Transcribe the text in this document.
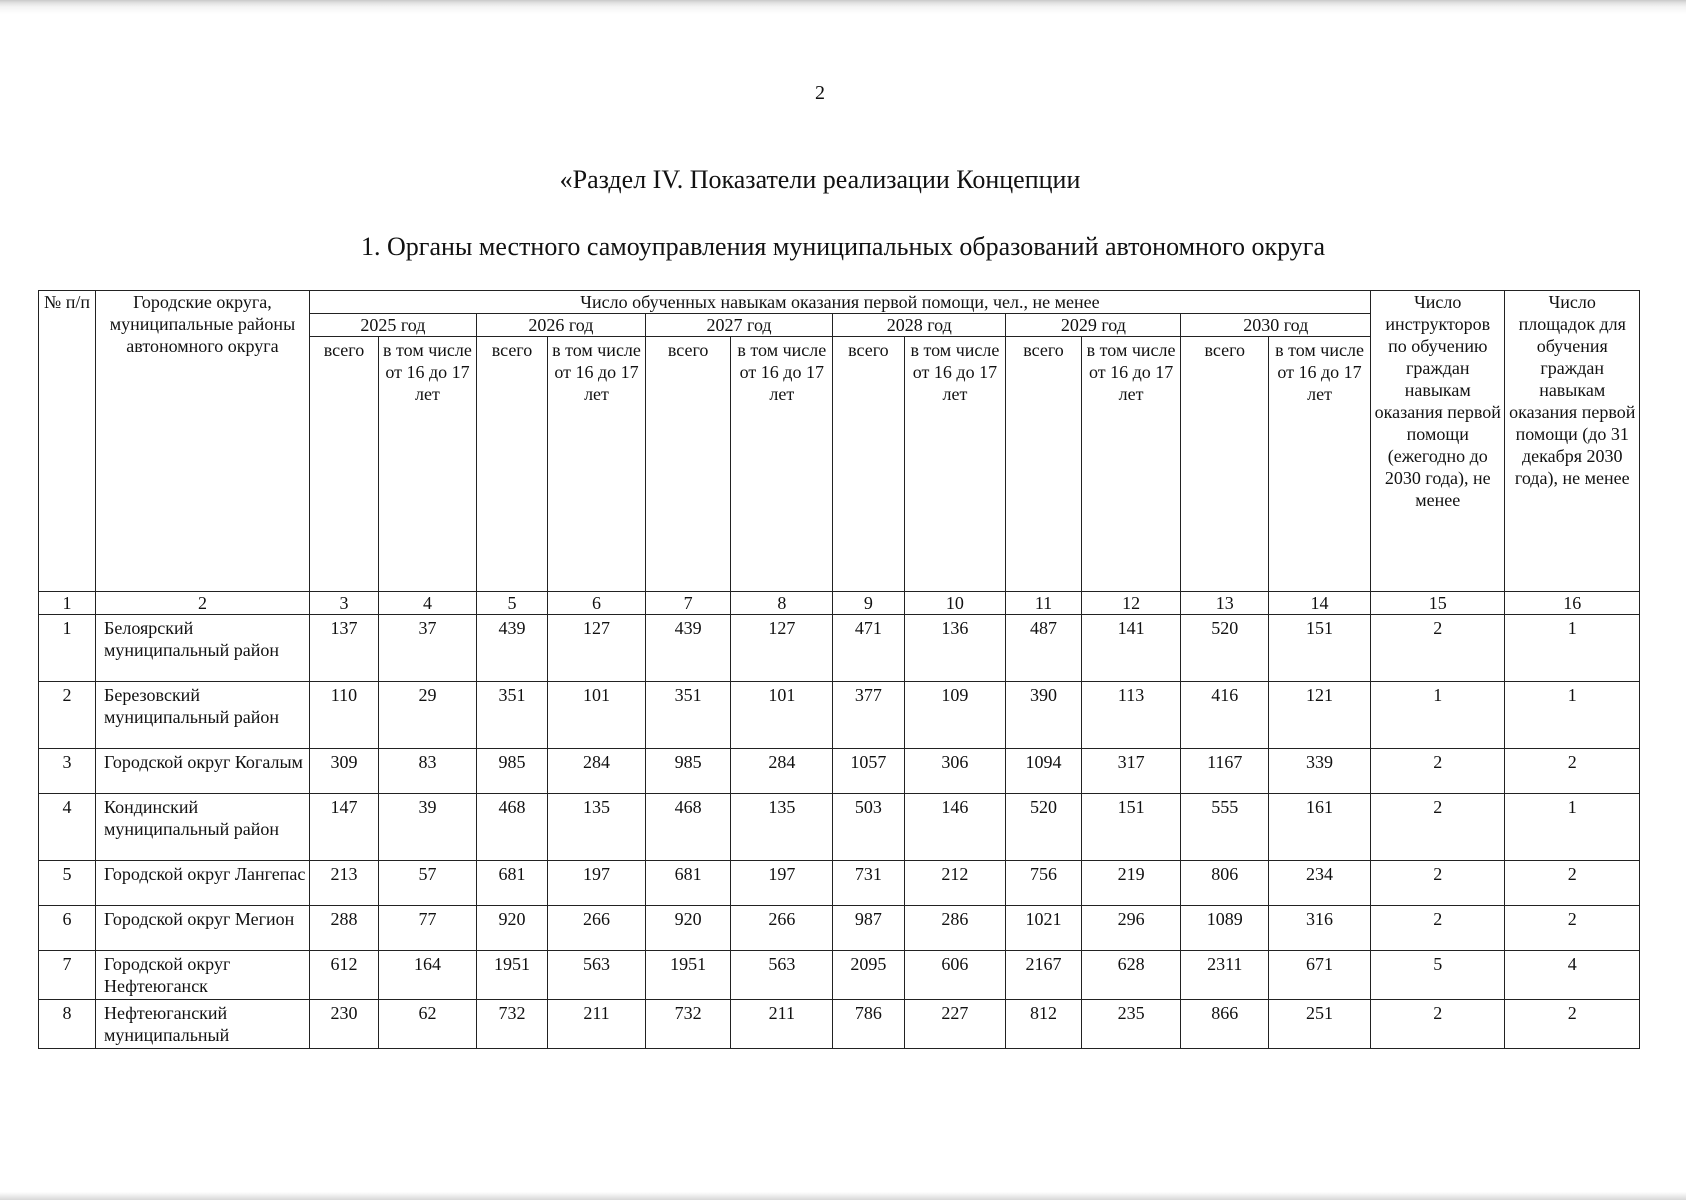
2
«Раздел IV. Показатели реализации Концепции
1. Органы местного самоуправления муниципальных образований автономного округа
№ п/п	Городские округа, муниципальные районы автономного округа	Число обученных навыкам оказания первой помощи, чел., не менее												Число инструкторов по обучению граждан навыкам оказания первой помощи (ежегодно до 2030 года), не менее	Число площадок для обучения граждан навыкам оказания первой помощи (до 31 декабря 2030 года), не менее
		2025 год		2026 год		2027 год		2028 год		2029 год		2030 год			
		всего	в том числе от 16 до 17 лет	всего	в том числе от 16 до 17 лет	всего	в том числе от 16 до 17 лет	всего	в том числе от 16 до 17 лет	всего	в том числе от 16 до 17 лет	всего	в том числе от 16 до 17 лет		
1	2	3	4	5	6	7	8	9	10	11	12	13	14	15	16
1	Белоярский муниципальный район	137	37	439	127	439	127	471	136	487	141	520	151	2	1
2	Березовский муниципальный район	110	29	351	101	351	101	377	109	390	113	416	121	1	1
3	Городской округ Когалым	309	83	985	284	985	284	1057	306	1094	317	1167	339	2	2
4	Кондинский муниципальный район	147	39	468	135	468	135	503	146	520	151	555	161	2	1
5	Городской округ Лангепас	213	57	681	197	681	197	731	212	756	219	806	234	2	2
6	Городской округ Мегион	288	77	920	266	920	266	987	286	1021	296	1089	316	2	2
7	Городской округ Нефтеюганск	612	164	1951	563	1951	563	2095	606	2167	628	2311	671	5	4
8	Нефтеюганский муниципальный	230	62	732	211	732	211	786	227	812	235	866	251	2	2
